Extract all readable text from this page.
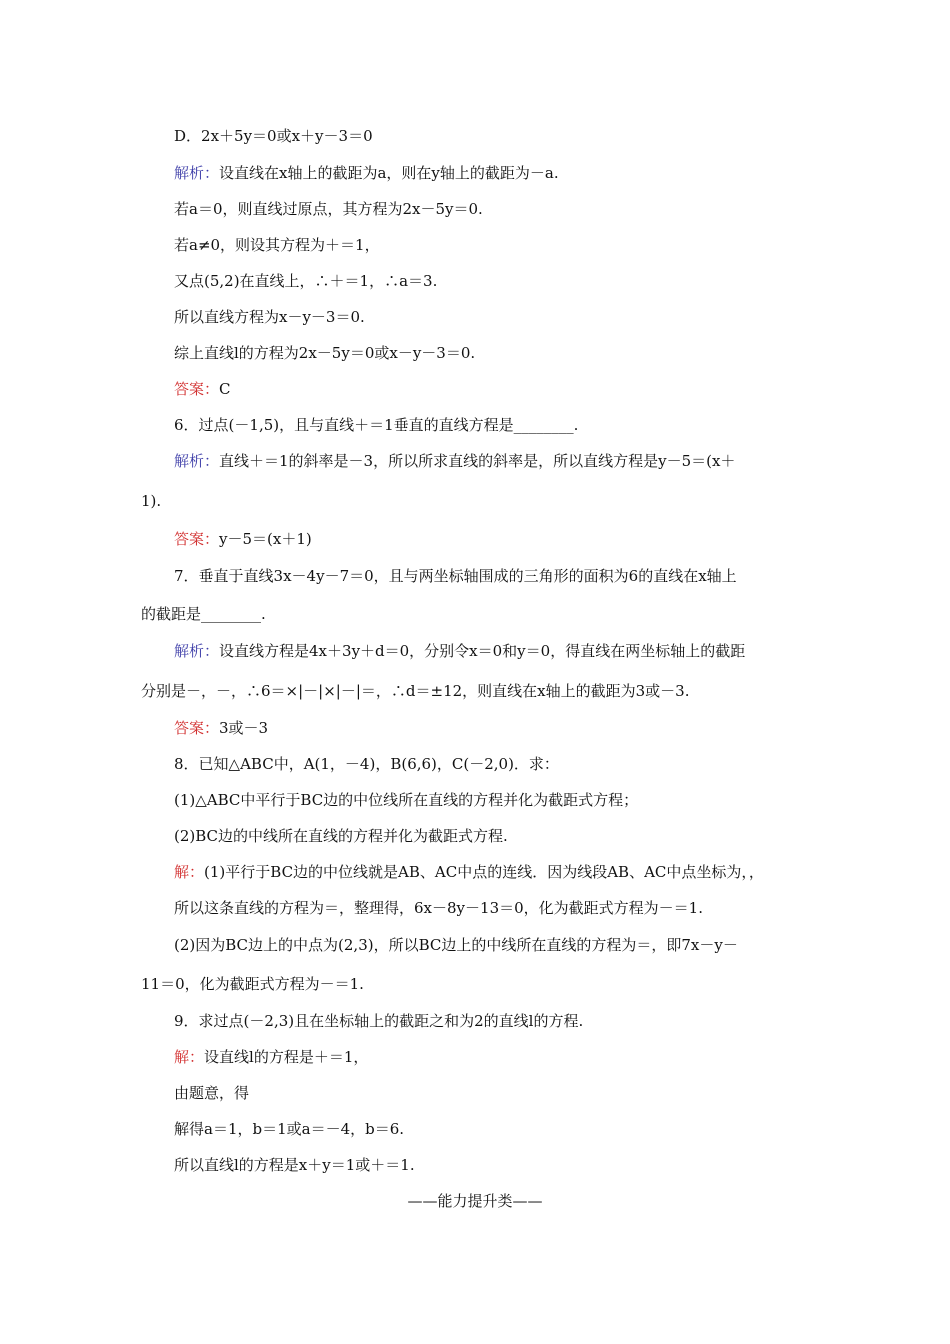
D．2x＋5y＝0或x＋y－3＝0
解析：设直线在x轴上的截距为a，则在y轴上的截距为－a.
若a＝0，则直线过原点，其方程为2x－5y＝0.
若a≠0，则设其方程为＋＝1，
又点(5,2)在直线上，∴＋＝1，∴a＝3.
所以直线方程为x－y－3＝0.
综上直线l的方程为2x－5y＝0或x－y－3＝0.
答案：C
6．过点(－1,5)，且与直线＋＝1垂直的直线方程是________.
解析：直线＋＝1的斜率是－3，所以所求直线的斜率是，所以直线方程是y－5＝(x＋
1).
答案：y－5＝(x＋1)
7．垂直于直线3x－4y－7＝0，且与两坐标轴围成的三角形的面积为6的直线在x轴上
的截距是________.
解析：设直线方程是4x＋3y＋d＝0，分别令x＝0和y＝0，得直线在两坐标轴上的截距
分别是－，－，∴6＝×|－|×|－|＝，∴d＝±12，则直线在x轴上的截距为3或－3.
答案：3或－3
8．已知△ABC中，A(1，－4)，B(6,6)，C(－2,0)．求：
(1)△ABC中平行于BC边的中位线所在直线的方程并化为截距式方程；
(2)BC边的中线所在直线的方程并化为截距式方程.
解：(1)平行于BC边的中位线就是AB、AC中点的连线．因为线段AB、AC中点坐标为，，
所以这条直线的方程为＝，整理得，6x－8y－13＝0，化为截距式方程为－＝1.
(2)因为BC边上的中点为(2,3)，所以BC边上的中线所在直线的方程为＝，即7x－y－
11＝0，化为截距式方程为－＝1.
9．求过点(－2,3)且在坐标轴上的截距之和为2的直线l的方程.
解：设直线l的方程是＋＝1，
由题意，得
解得a＝1，b＝1或a＝－4，b＝6.
所以直线l的方程是x＋y＝1或＋＝1.
——能力提升类——
